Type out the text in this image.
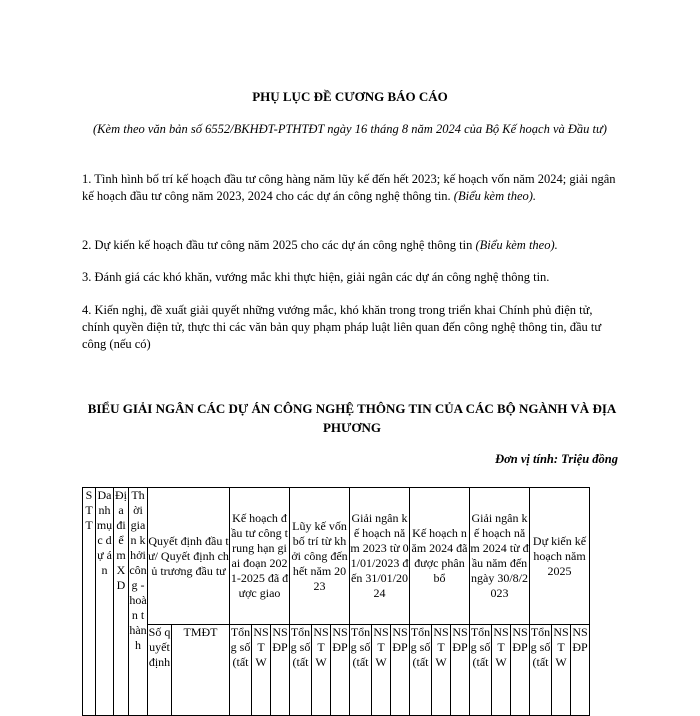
PHỤ LỤC ĐỀ CƯƠNG BÁO CÁO
(Kèm theo văn bản số 6552/BKHĐT-PTHTĐT ngày 16 tháng 8 năm 2024 của Bộ Kế hoạch và Đầu tư)
1. Tình hình bố trí kế hoạch đầu tư công hàng năm lũy kế đến hết 2023; kế hoạch vốn năm 2024; giải ngân kế hoạch đầu tư công năm 2023, 2024 cho các dự án công nghệ thông tin. (Biểu kèm theo).
2. Dự kiến kế hoạch đầu tư công năm 2025 cho các dự án công nghệ thông tin (Biểu kèm theo).
3. Đánh giá các khó khăn, vướng mắc khi thực hiện, giải ngân các dự án công nghệ thông tin.
4. Kiến nghị, đề xuất giải quyết những vướng mắc, khó khăn trong trong triển khai Chính phủ điện tử, chính quyền điện tử, thực thi các văn bản quy phạm pháp luật liên quan đến công nghệ thông tin, đầu tư công (nếu có)
BIỂU GIẢI NGÂN CÁC DỰ ÁN CÔNG NGHỆ THÔNG TIN CỦA CÁC BỘ NGÀNH VÀ ĐỊA PHƯƠNG
Đơn vị tính: Triệu đồng
STT	Danh mục dự án	Địa điểm XD	Thời gian khởi công - hoàn thành	Quyết định đầu tư/ Quyết định chủ trương đầu tư		Kế hoạch đầu tư công trung hạn giai đoạn 2021-2025 đã được giao			Lũy kế vốn bố trí từ khởi công đến hết năm 2023			Giải ngân kế hoạch năm 2023 từ 01/01/2023 đến 31/01/2024			Kế hoạch năm 2024 đã được phân bổ			Giải ngân kế hoạch năm 2024 từ đầu năm đến ngày 30/8/2023			Dự kiến kế hoạch năm 2025		
				Số quyết định	TMĐT	Tổng số (tất	NSTW	NSĐP	Tổng số (tất	NSTW	NSĐP	Tổng số (tất	NSTW	NSĐP	Tổng số (tất	NSTW	NSĐP	Tổng số (tất	NSTW	NSĐP	Tổng số (tất	NSTW	NSĐP
